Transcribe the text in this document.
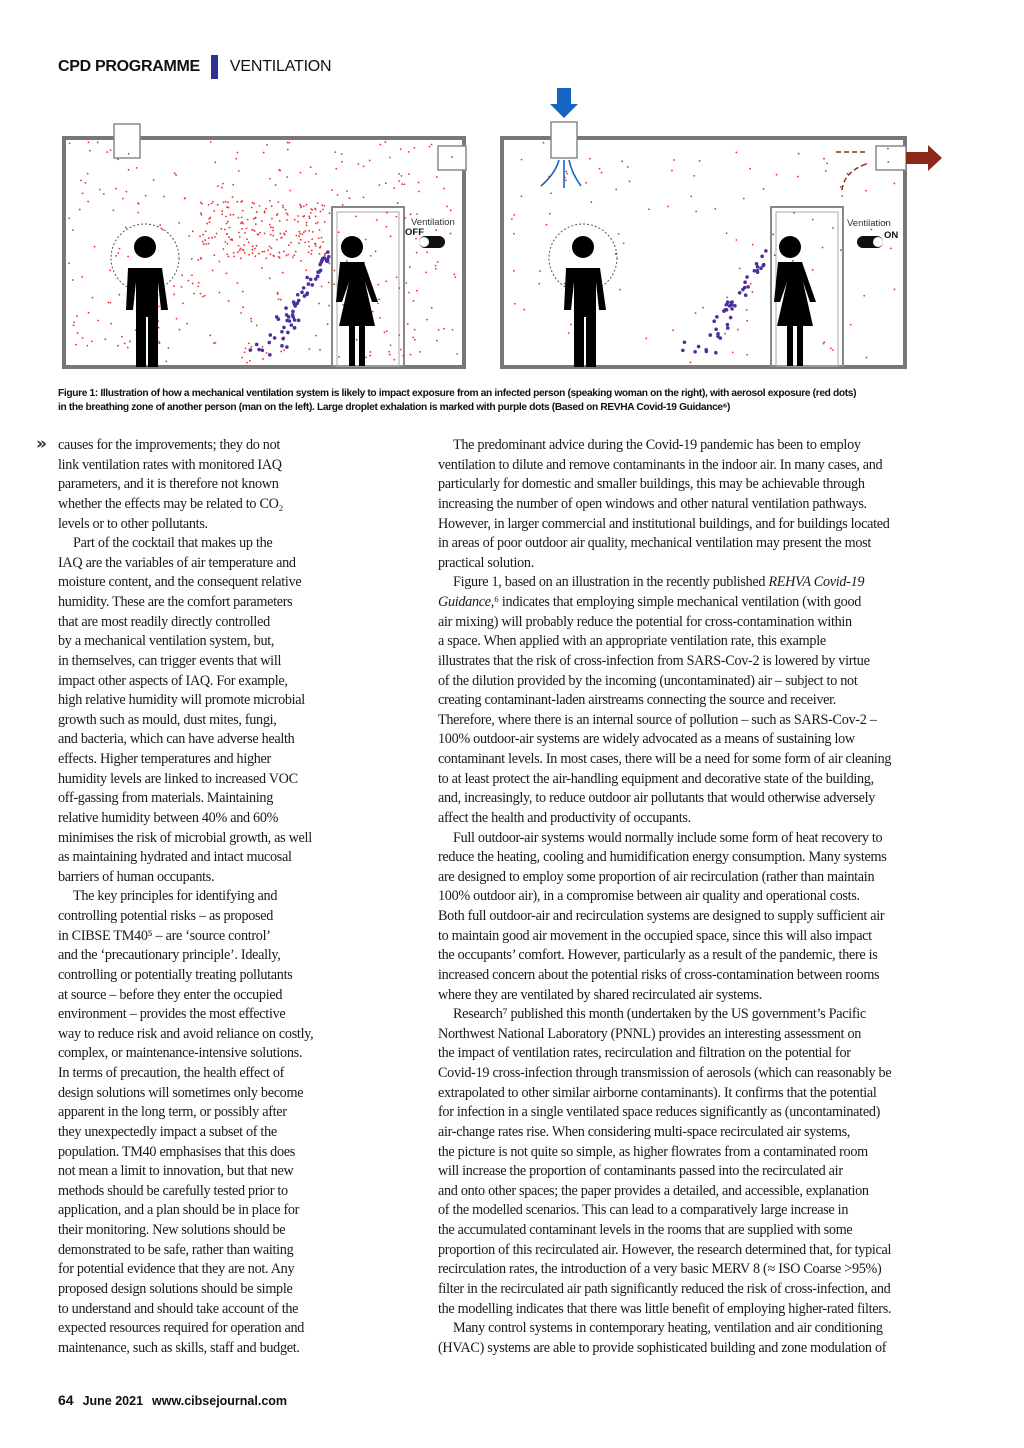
CPD PROGRAMME VENTILATION
Ventilation
OFF
Ventilation
ON
Figure 1: Illustration of how a mechanical ventilation system is likely to impact exposure from an infected person (speaking woman on the right), with aerosol exposure (red dots)
in the breathing zone of another person (man on the left). Large droplet exhalation is marked with purple dots (Based on REVHA Covid-19 Guidance⁶)
» causes for the improvements; they do not
link ventilation rates with monitored IAQ
parameters, and it is therefore not known
whether the effects may be related to CO₂
levels or to other pollutants.
Part of the cocktail that makes up the
IAQ are the variables of air temperature and
moisture content, and the consequent relative
humidity. These are the comfort parameters
that are most readily directly controlled
by a mechanical ventilation system, but,
in themselves, can trigger events that will
impact other aspects of IAQ. For example,
high relative humidity will promote microbial
growth such as mould, dust mites, fungi,
and bacteria, which can have adverse health
effects. Higher temperatures and higher
humidity levels are linked to increased VOC
off-gassing from materials. Maintaining
relative humidity between 40% and 60%
minimises the risk of microbial growth, as well
as maintaining hydrated and intact mucosal
barriers of human occupants.
The key principles for identifying and
controlling potential risks – as proposed
in CIBSE TM40⁵ – are ‘source control’
and the ‘precautionary principle’. Ideally,
controlling or potentially treating pollutants
at source – before they enter the occupied
environment – provides the most effective
way to reduce risk and avoid reliance on costly,
complex, or maintenance-intensive solutions.
In terms of precaution, the health effect of
design solutions will sometimes only become
apparent in the long term, or possibly after
they unexpectedly impact a subset of the
population. TM40 emphasises that this does
not mean a limit to innovation, but that new
methods should be carefully tested prior to
application, and a plan should be in place for
their monitoring. New solutions should be
demonstrated to be safe, rather than waiting
for potential evidence that they are not. Any
proposed design solutions should be simple
to understand and should take account of the
expected resources required for operation and
maintenance, such as skills, staff and budget.
The predominant advice during the Covid-19 pandemic has been to employ
ventilation to dilute and remove contaminants in the indoor air. In many cases, and
particularly for domestic and smaller buildings, this may be achievable through
increasing the number of open windows and other natural ventilation pathways.
However, in larger commercial and institutional buildings, and for buildings located
in areas of poor outdoor air quality, mechanical ventilation may present the most
practical solution.
Figure 1, based on an illustration in the recently published REHVA Covid-19
Guidance,⁶ indicates that employing simple mechanical ventilation (with good
air mixing) will probably reduce the potential for cross-contamination within
a space. When applied with an appropriate ventilation rate, this example
illustrates that the risk of cross-infection from SARS-Cov-2 is lowered by virtue
of the dilution provided by the incoming (uncontaminated) air – subject to not
creating contaminant-laden airstreams connecting the source and receiver.
Therefore, where there is an internal source of pollution – such as SARS-Cov-2 –
100% outdoor-air systems are widely advocated as a means of sustaining low
contaminant levels. In most cases, there will be a need for some form of air cleaning
to at least protect the air-handling equipment and decorative state of the building,
and, increasingly, to reduce outdoor air pollutants that would otherwise adversely
affect the health and productivity of occupants.
Full outdoor-air systems would normally include some form of heat recovery to
reduce the heating, cooling and humidification energy consumption. Many systems
are designed to employ some proportion of air recirculation (rather than maintain
100% outdoor air), in a compromise between air quality and operational costs.
Both full outdoor-air and recirculation systems are designed to supply sufficient air
to maintain good air movement in the occupied space, since this will also impact
the occupants’ comfort. However, particularly as a result of the pandemic, there is
increased concern about the potential risks of cross-contamination between rooms
where they are ventilated by shared recirculated air systems.
Research⁷ published this month (undertaken by the US government’s Pacific
Northwest National Laboratory (PNNL) provides an interesting assessment on
the impact of ventilation rates, recirculation and filtration on the potential for
Covid-19 cross-infection through transmission of aerosols (which can reasonably be
extrapolated to other similar airborne contaminants). It confirms that the potential
for infection in a single ventilated space reduces significantly as (uncontaminated)
air-change rates rise. When considering multi-space recirculated air systems,
the picture is not quite so simple, as higher flowrates from a contaminated room
will increase the proportion of contaminants passed into the recirculated air
and onto other spaces; the paper provides a detailed, and accessible, explanation
of the modelled scenarios. This can lead to a comparatively large increase in
the accumulated contaminant levels in the rooms that are supplied with some
proportion of this recirculated air. However, the research determined that, for typical
recirculation rates, the introduction of a very basic MERV 8 (≈ ISO Coarse >95%)
filter in the recirculated air path significantly reduced the risk of cross-infection, and
the modelling indicates that there was little benefit of employing higher-rated filters.
Many control systems in contemporary heating, ventilation and air conditioning
(HVAC) systems are able to provide sophisticated building and zone modulation of
64 June 2021 www.cibsejournal.com
